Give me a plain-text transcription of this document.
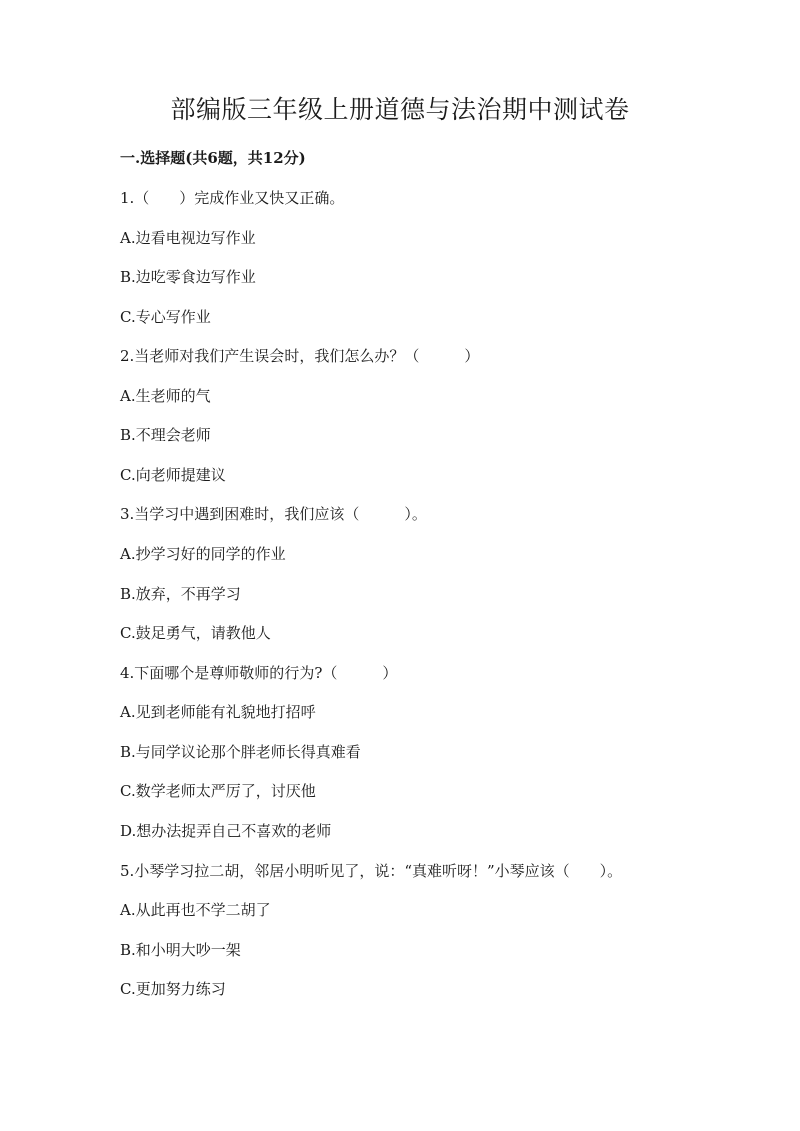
部编版三年级上册道德与法治期中测试卷
一.选择题(共6题，共12分)
1.（　　）完成作业又快又正确。
A.边看电视边写作业
B.边吃零食边写作业
C.专心写作业
2.当老师对我们产生误会时，我们怎么办？（　　　）
A.生老师的气
B.不理会老师
C.向老师提建议
3.当学习中遇到困难时，我们应该（　　　）。
A.抄学习好的同学的作业
B.放弃，不再学习
C.鼓足勇气，请教他人
4.下面哪个是尊师敬师的行为?（　　　）
A.见到老师能有礼貌地打招呼
B.与同学议论那个胖老师长得真难看
C.数学老师太严厉了，讨厌他
D.想办法捉弄自己不喜欢的老师
5.小琴学习拉二胡，邻居小明听见了，说：“真难听呀！”小琴应该（　　）。
A.从此再也不学二胡了
B.和小明大吵一架
C.更加努力练习
